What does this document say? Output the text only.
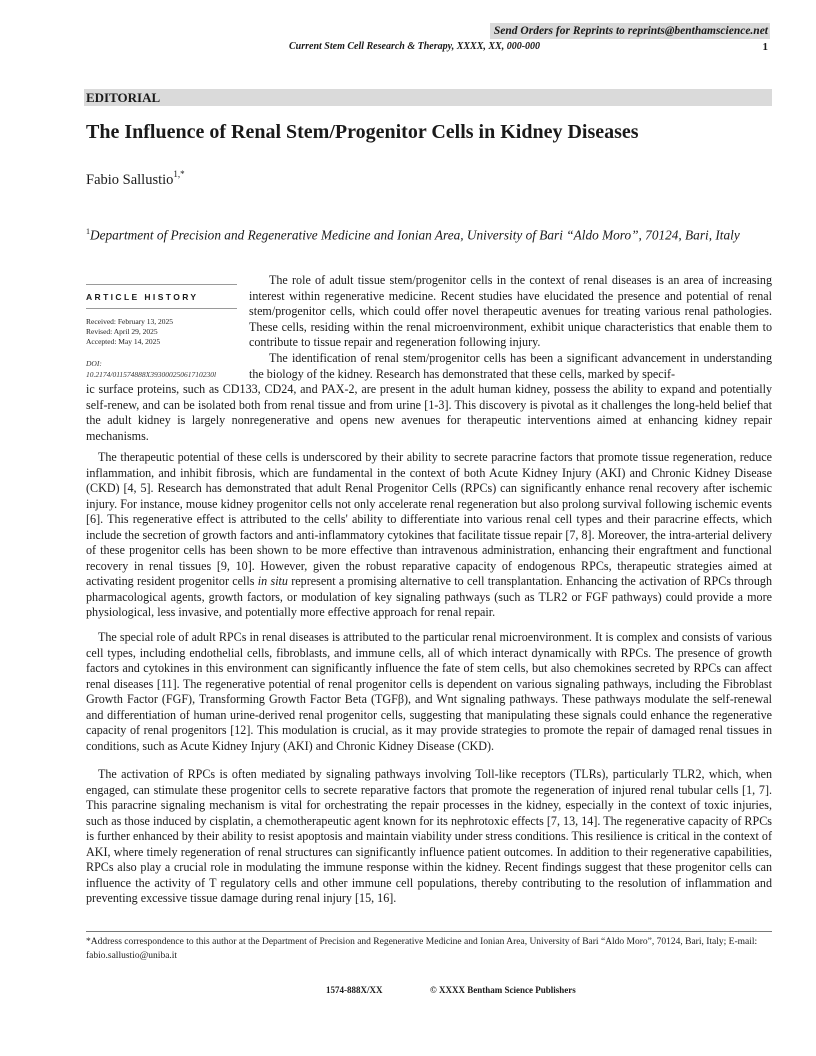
Send Orders for Reprints to reprints@benthamscience.net
Current Stem Cell Research & Therapy, XXXX, XX, 000-000	1
EDITORIAL
The Influence of Renal Stem/Progenitor Cells in Kidney Diseases
Fabio Sallustio$^{1,*}$
$^1$Department of Precision and Regenerative Medicine and Ionian Area, University of Bari “Aldo Moro”, 70124, Bari, Italy
ARTICLE HISTORY
Received: February 13, 2025
Revised: April 29, 2025
Accepted: May 14, 2025
DOI:
10.2174/011574888X39300025061710230l

The role of adult tissue stem/progenitor cells in the context of renal diseases is an area of increasing interest within regenerative medicine. Recent studies have elucidated the presence and potential of renal stem/progenitor cells, which could offer novel therapeutic avenues for treating various renal pathologies. These cells, residing within the renal microenvironment, exhibit unique characteristics that enable them to contribute to tissue repair and regeneration following injury.

The identification of renal stem/progenitor cells has been a significant advancement in understanding the biology of the kidney. Research has demonstrated that these cells, marked by specif-

ic surface proteins, such as CD133, CD24, and PAX-2, are present in the adult human kidney, possess the ability to expand and potentially self-renew, and can be isolated both from renal tissue and from urine [1-3]. This discovery is pivotal as it challenges the long-held belief that the adult kidney is largely nonregenerative and opens new avenues for therapeutic interventions aimed at enhancing kidney repair mechanisms.

The therapeutic potential of these cells is underscored by their ability to secrete paracrine factors that promote tissue regeneration, reduce inflammation, and inhibit fibrosis, which are fundamental in the context of both Acute Kidney Injury (AKI) and Chronic Kidney Disease (CKD) [4, 5]. Research has demonstrated that adult Renal Progenitor Cells (RPCs) can significantly enhance renal recovery after ischemic injury. For instance, mouse kidney progenitor cells not only accelerate renal regeneration but also prolong survival following ischemic events [6]. This regenerative effect is attributed to the cells' ability to differentiate into various renal cell types and their paracrine effects, which include the secretion of growth factors and anti-inflammatory cytokines that facilitate tissue repair [7, 8]. Moreover, the intra-arterial delivery of these progenitor cells has been shown to be more effective than intravenous administration, enhancing their engraftment and functional recovery in renal tissues [9, 10]. However, given the robust reparative capacity of endogenous RPCs, therapeutic strategies aimed at activating resident progenitor cells in situ represent a promising alternative to cell transplantation. Enhancing the activation of RPCs through pharmacological agents, growth factors, or modulation of key signaling pathways (such as TLR2 or FGF pathways) could provide a more physiological, less invasive, and potentially more effective approach for renal repair.

The special role of adult RPCs in renal diseases is attributed to the particular renal microenvironment. It is complex and consists of various cell types, including endothelial cells, fibroblasts, and immune cells, all of which interact dynamically with RPCs. The presence of growth factors and cytokines in this environment can significantly influence the fate of stem cells, but also chemokines secreted by RPCs can affect renal diseases [11]. The regenerative potential of renal progenitor cells is dependent on various signaling pathways, including the Fibroblast Growth Factor (FGF), Transforming Growth Factor Beta (TGFβ), and Wnt signaling pathways. These pathways modulate the self-renewal and differentiation of human urine-derived renal progenitor cells, suggesting that manipulating these signals could enhance the regenerative capacity of renal progenitors [12]. This modulation is crucial, as it may provide strategies to promote the repair of damaged renal tissues in conditions, such as Acute Kidney Injury (AKI) and Chronic Kidney Disease (CKD).

The activation of RPCs is often mediated by signaling pathways involving Toll-like receptors (TLRs), particularly TLR2, which, when engaged, can stimulate these progenitor cells to secrete reparative factors that promote the regeneration of injured renal tubular cells [1, 7]. This paracrine signaling mechanism is vital for orchestrating the repair processes in the kidney, especially in the context of toxic injuries, such as those induced by cisplatin, a chemotherapeutic agent known for its nephrotoxic effects [7, 13, 14]. The regenerative capacity of RPCs is further enhanced by their ability to resist apoptosis and maintain viability under stress conditions. This resilience is critical in the context of AKI, where timely regeneration of renal structures can significantly influence patient outcomes. In addition to their regenerative capabilities, RPCs also play a crucial role in modulating the immune response within the kidney. Recent findings suggest that these progenitor cells can influence the activity of T regulatory cells and other immune cell populations, thereby contributing to the resolution of inflammation and preventing excessive tissue damage during renal injury [15, 16].

*Address correspondence to this author at the Department of Precision and Regenerative Medicine and Ionian Area, University of Bari “Aldo Moro”, 70124, Bari, Italy; E-mail: fabio.sallustio@uniba.it
1574-888X/XX	© XXXX Bentham Science Publishers
